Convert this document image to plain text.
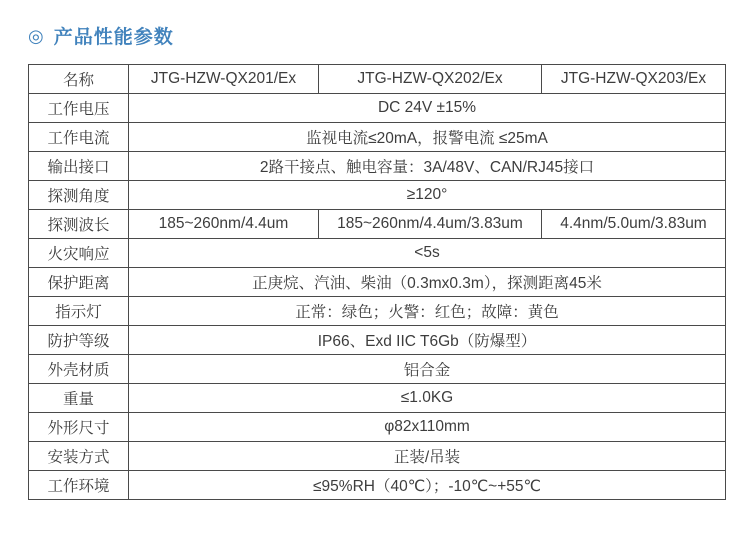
◎ 产品性能参数
名称	JTG-HZW-QX201/Ex	JTG-HZW-QX202/Ex	JTG-HZW-QX203/Ex
工作电压	DC 24V ±15%		
工作电流	监视电流≤20mA，报警电流 ≤25mA		
输出接口	2路干接点、触电容量：3A/48V、CAN/RJ45接口		
探测角度	≥120°		
探测波长	185~260nm/4.4um	185~260nm/4.4um/3.83um	4.4nm/5.0um/3.83um
火灾响应	<5s		
保护距离	正庚烷、汽油、柴油（0.3mx0.3m），探测距离45米		
指示灯	正常：绿色；火警：红色；故障：黄色		
防护等级	IP66、Exd IIC T6Gb（防爆型）		
外壳材质	铝合金		
重量	≤1.0KG		
外形尺寸	φ82x110mm		
安装方式	正装/吊装		
工作环境	≤95%RH（40℃）；-10℃~+55℃		
